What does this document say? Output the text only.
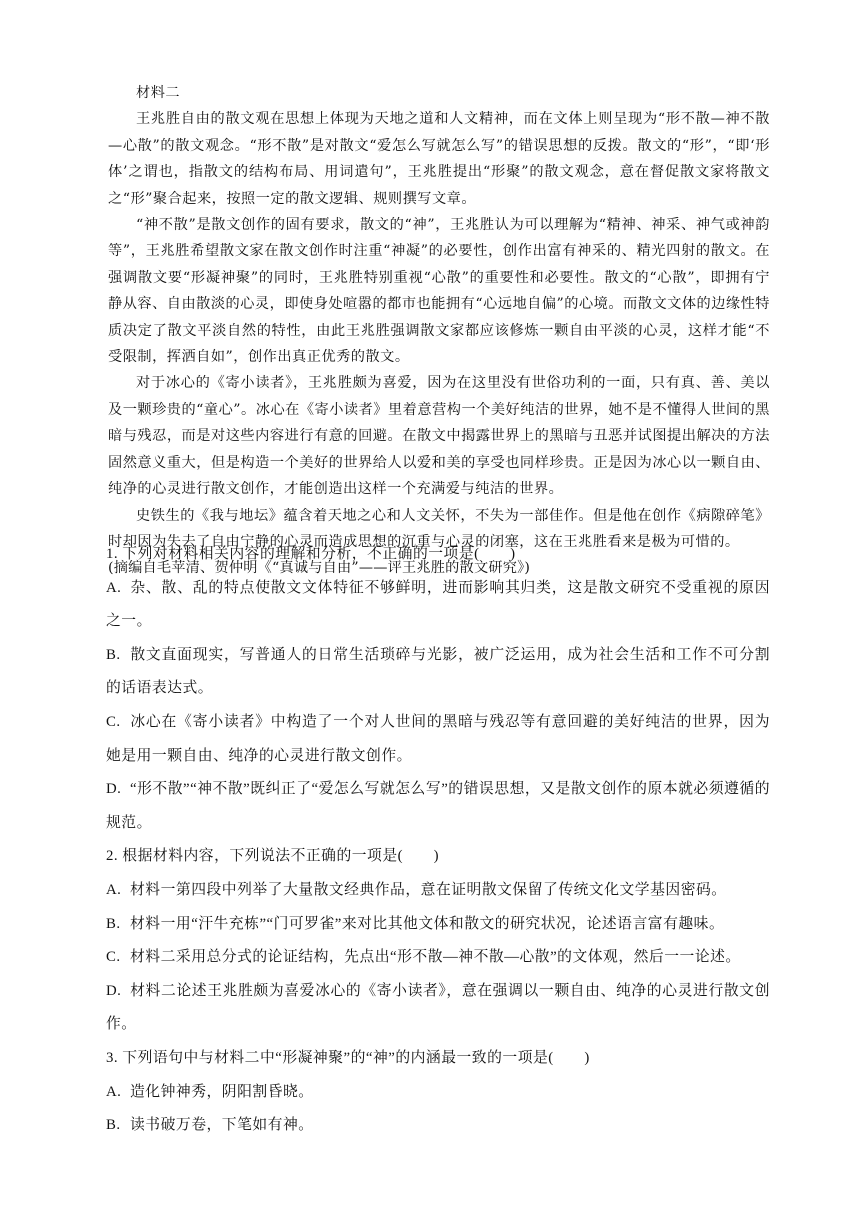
材料二

王兆胜自由的散文观在思想上体现为天地之道和人文精神，而在文体上则呈现为“形不散—神不散—心散”的散文观念。“形不散”是对散文“爱怎么写就怎么写”的错误思想的反拨。散文的“形”，“即‘形体’之谓也，指散文的结构布局、用词遣句”，王兆胜提出“形聚”的散文观念，意在督促散文家将散文之“形”聚合起来，按照一定的散文逻辑、规则撰写文章。

“神不散”是散文创作的固有要求，散文的“神”，王兆胜认为可以理解为“精神、神采、神气或神韵等”，王兆胜希望散文家在散文创作时注重“神凝”的必要性，创作出富有神采的、精光四射的散文。在强调散文要“形凝神聚”的同时，王兆胜特别重视“心散”的重要性和必要性。散文的“心散”，即拥有宁静从容、自由散淡的心灵，即使身处喧嚣的都市也能拥有“心远地自偏”的心境。而散文文体的边缘性特质决定了散文平淡自然的特性，由此王兆胜强调散文家都应该修炼一颗自由平淡的心灵，这样才能“不受限制，挥洒自如”，创作出真正优秀的散文。

对于冰心的《寄小读者》，王兆胜颇为喜爱，因为在这里没有世俗功利的一面，只有真、善、美以及一颗珍贵的“童心”。冰心在《寄小读者》里着意营构一个美好纯洁的世界，她不是不懂得人世间的黑暗与残忍，而是对这些内容进行有意的回避。在散文中揭露世界上的黑暗与丑恶并试图提出解决的方法固然意义重大，但是构造一个美好的世界给人以爱和美的享受也同样珍贵。正是因为冰心以一颗自由、纯净的心灵进行散文创作，才能创造出这样一个充满爱与纯洁的世界。

史铁生的《我与地坛》蕴含着天地之心和人文关怀，不失为一部佳作。但是他在创作《病隙碎笔》时却因为失去了自由宁静的心灵而造成思想的沉重与心灵的闭塞，这在王兆胜看来是极为可惜的。

(摘编自毛苹清、贺仲明《“真诚与自由”——评王兆胜的散文研究》)

1. 下列对材料相关内容的理解和分析，不正确的一项是(　　)

A. 杂、散、乱的特点使散文文体特征不够鲜明，进而影响其归类，这是散文研究不受重视的原因之一。

B. 散文直面现实，写普通人的日常生活琐碎与光影，被广泛运用，成为社会生活和工作不可分割的话语表达式。

C. 冰心在《寄小读者》中构造了一个对人世间的黑暗与残忍等有意回避的美好纯洁的世界，因为她是用一颗自由、纯净的心灵进行散文创作。

D. “形不散”“神不散”既纠正了“爱怎么写就怎么写”的错误思想，又是散文创作的原本就必须遵循的规范。

2. 根据材料内容，下列说法不正确的一项是(　　)

A. 材料一第四段中列举了大量散文经典作品，意在证明散文保留了传统文化文学基因密码。

B. 材料一用“汗牛充栋”“门可罗雀”来对比其他文体和散文的研究状况，论述语言富有趣味。

C. 材料二采用总分式的论证结构，先点出“形不散—神不散—心散”的文体观，然后一一论述。

D. 材料二论述王兆胜颇为喜爱冰心的《寄小读者》，意在强调以一颗自由、纯净的心灵进行散文创作。

3. 下列语句中与材料二中“形凝神聚”的“神”的内涵最一致的一项是(　　)

A. 造化钟神秀，阴阳割昏晓。

B. 读书破万卷，下笔如有神。
